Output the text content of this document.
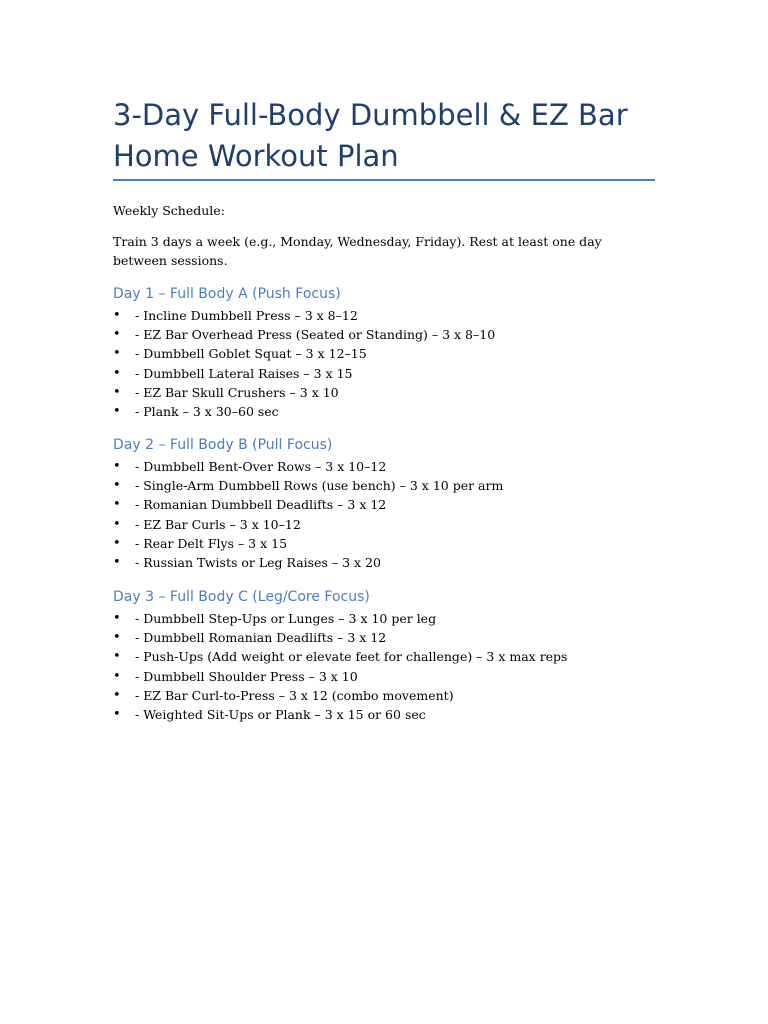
3-Day Full-Body Dumbbell & EZ Bar
Home Workout Plan

Weekly Schedule:

Train 3 days a week (e.g., Monday, Wednesday, Friday). Rest at least one day between sessions.

Day 1 – Full Body A (Push Focus)
• - Incline Dumbbell Press – 3 x 8–12
• - EZ Bar Overhead Press (Seated or Standing) – 3 x 8–10
• - Dumbbell Goblet Squat – 3 x 12–15
• - Dumbbell Lateral Raises – 3 x 15
• - EZ Bar Skull Crushers – 3 x 10
• - Plank – 3 x 30–60 sec
Day 2 – Full Body B (Pull Focus)
• - Dumbbell Bent-Over Rows – 3 x 10–12
• - Single-Arm Dumbbell Rows (use bench) – 3 x 10 per arm
• - Romanian Dumbbell Deadlifts – 3 x 12
• - EZ Bar Curls – 3 x 10–12
• - Rear Delt Flys – 3 x 15
• - Russian Twists or Leg Raises – 3 x 20
Day 3 – Full Body C (Leg/Core Focus)
• - Dumbbell Step-Ups or Lunges – 3 x 10 per leg
• - Dumbbell Romanian Deadlifts – 3 x 12
• - Push-Ups (Add weight or elevate feet for challenge) – 3 x max reps
• - Dumbbell Shoulder Press – 3 x 10
• - EZ Bar Curl-to-Press – 3 x 12 (combo movement)
• - Weighted Sit-Ups or Plank – 3 x 15 or 60 sec
